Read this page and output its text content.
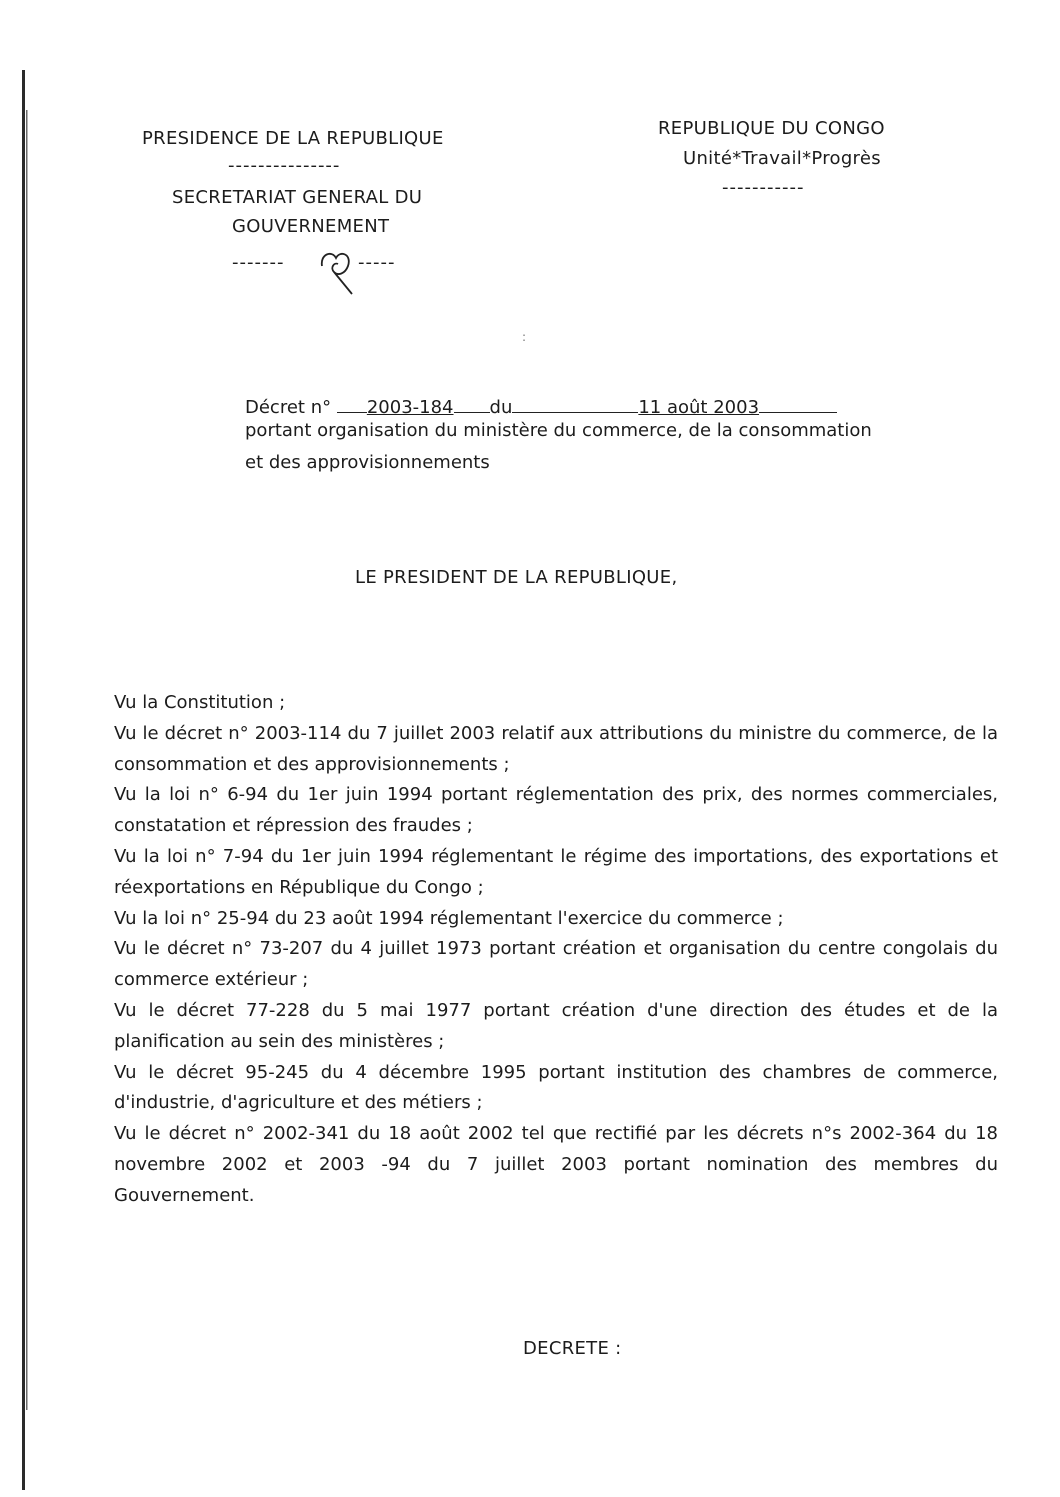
PRESIDENCE DE LA REPUBLIQUE
---------------
SECRETARIAT GENERAL DU
GOUVERNEMENT
-------	-----
REPUBLIQUE DU CONGO
Unité*Travail*Progrès
-----------
:
Décret n° 2003-184 du	11 août 2003
portant organisation du ministère du commerce, de la consommation
et des approvisionnements
LE PRESIDENT DE LA REPUBLIQUE,
Vu la Constitution ;
Vu le décret n° 2003-114 du 7 juillet 2003 relatif aux attributions du ministre du commerce, de la consommation et des approvisionnements ;
Vu la loi n° 6-94 du 1er juin 1994 portant réglementation des prix, des normes commerciales, constatation et répression des fraudes ;
Vu la loi n° 7-94 du 1er juin 1994 réglementant le régime des importations, des exportations et réexportations en République du Congo ;
Vu la loi n° 25-94 du 23 août 1994 réglementant l'exercice du commerce ;
Vu le décret n° 73-207 du 4 juillet 1973 portant création et organisation du centre congolais du commerce extérieur ;
Vu le décret 77-228 du 5 mai 1977 portant création d'une direction des études et de la planification au sein des ministères ;
Vu le décret 95-245 du 4 décembre 1995 portant institution des chambres de commerce, d'industrie, d'agriculture et des métiers ;
Vu le décret n° 2002-341 du 18 août 2002 tel que rectifié par les décrets n°s 2002-364 du 18 novembre 2002 et 2003 -94 du 7 juillet 2003 portant nomination des membres du Gouvernement.
DECRETE :
